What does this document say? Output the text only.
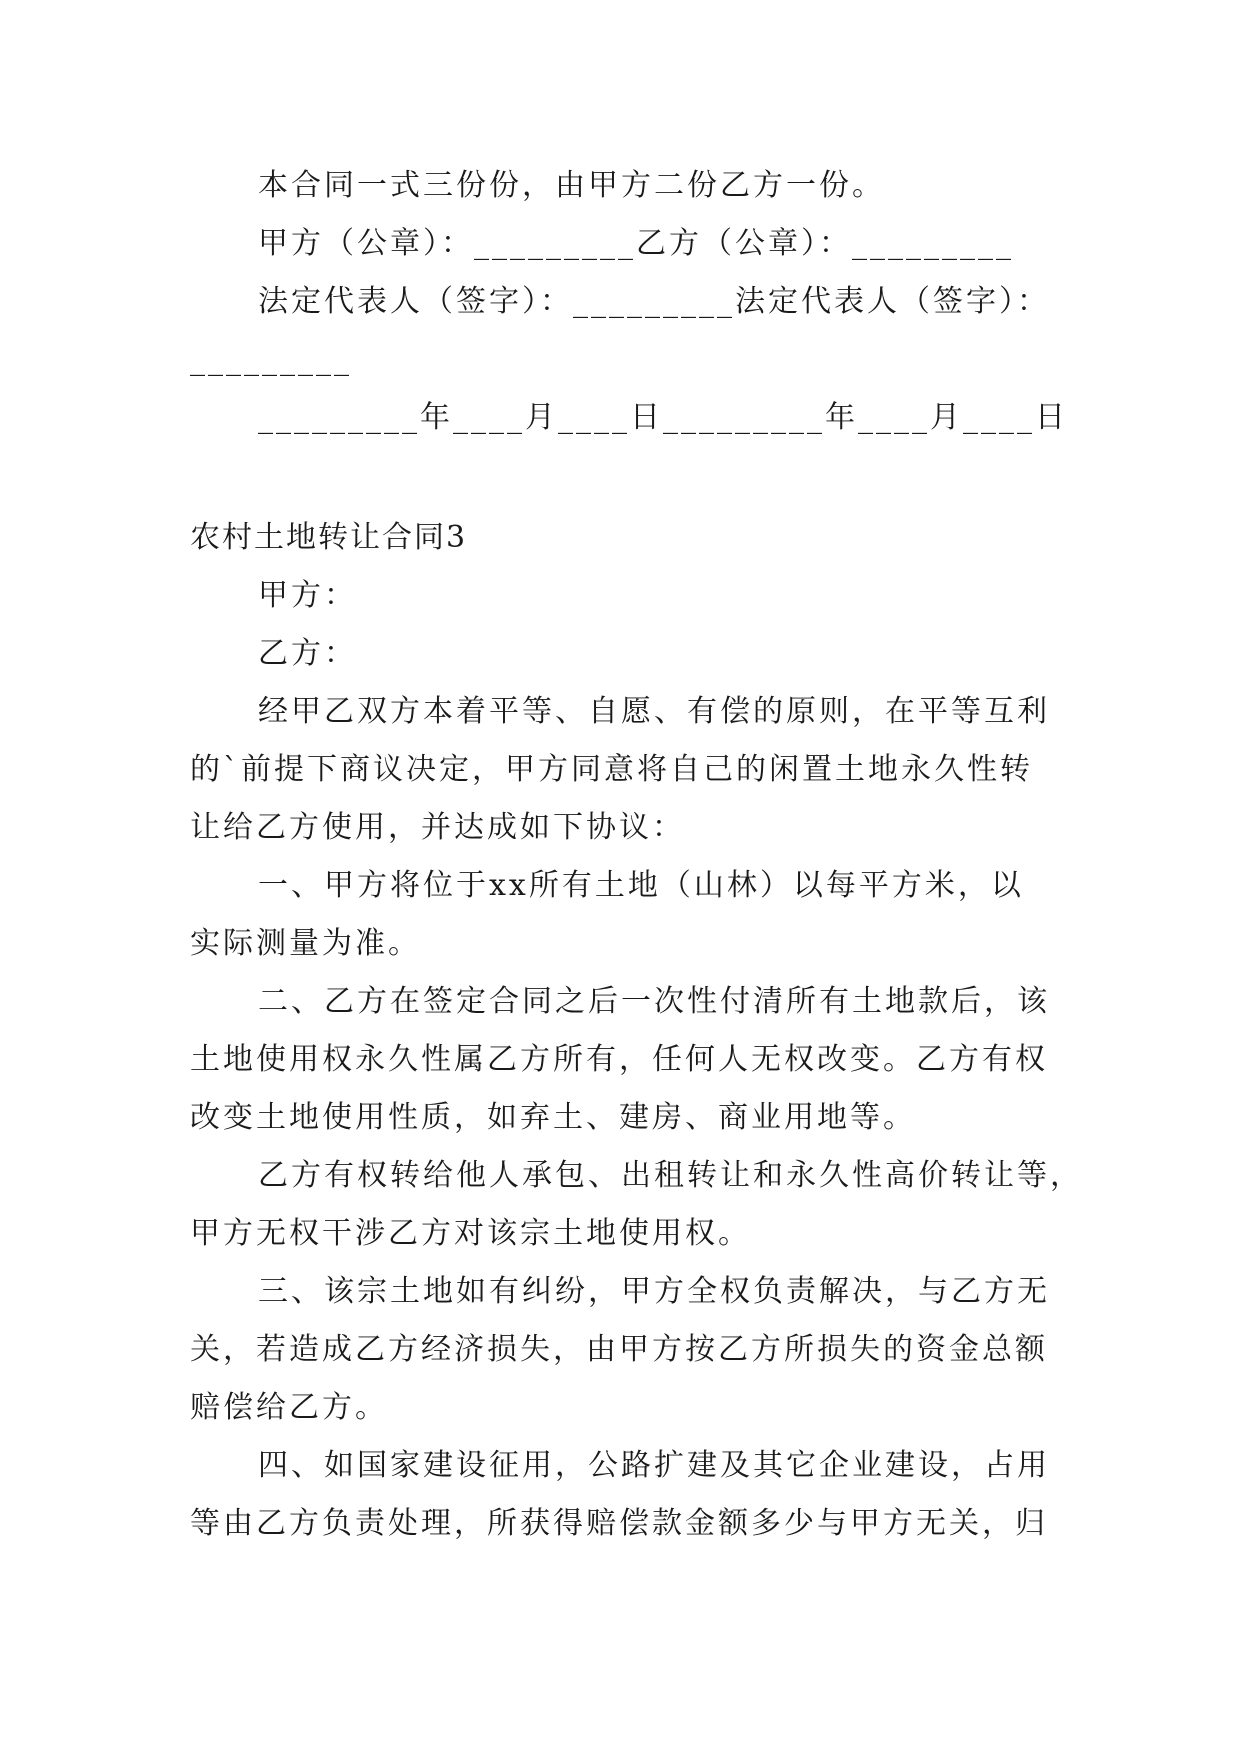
本合同一式三份份，由甲方二份乙方一份。
甲方（公章）：_________乙方（公章）：_________
法定代表人（签字）：_________法定代表人（签字）：
_________
_________年____月____日_________年____月____日
农村土地转让合同3
甲方：
乙方：
经甲乙双方本着平等、自愿、有偿的原则，在平等互利
的`前提下商议决定，甲方同意将自己的闲置土地永久性转
让给乙方使用，并达成如下协议：
一、甲方将位于xx所有土地（山林）以每平方米，以
实际测量为准。
二、乙方在签定合同之后一次性付清所有土地款后，该
土地使用权永久性属乙方所有，任何人无权改变。乙方有权
改变土地使用性质，如弃土、建房、商业用地等。
乙方有权转给他人承包、出租转让和永久性高价转让等，
甲方无权干涉乙方对该宗土地使用权。
三、该宗土地如有纠纷，甲方全权负责解决，与乙方无
关，若造成乙方经济损失，由甲方按乙方所损失的资金总额
赔偿给乙方。
四、如国家建设征用，公路扩建及其它企业建设，占用
等由乙方负责处理，所获得赔偿款金额多少与甲方无关，归
